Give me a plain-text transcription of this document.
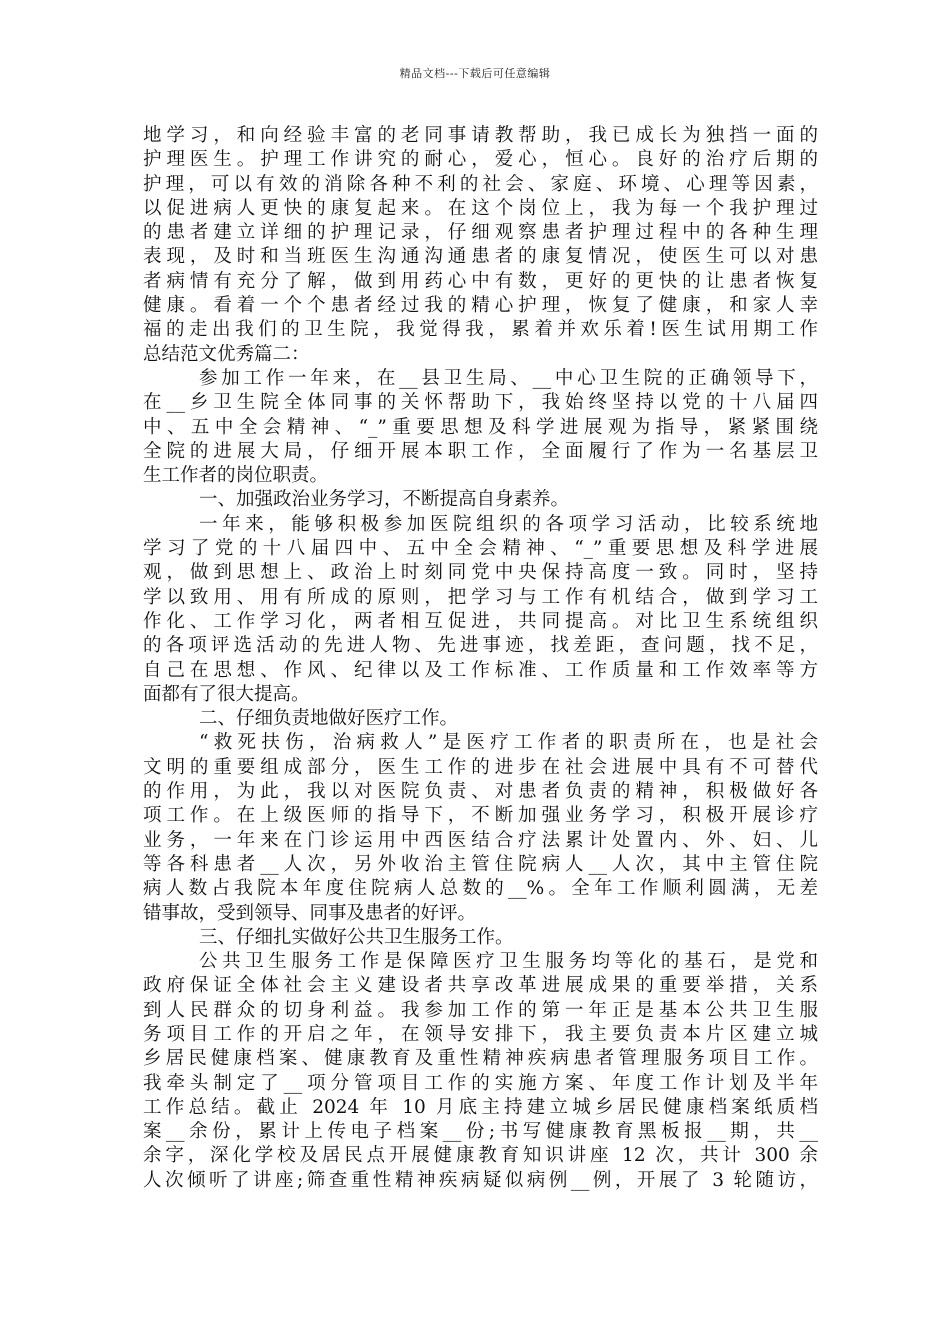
精品文档---下载后可任意编辑
地学习，和向经验丰富的老同事请教帮助，我已成长为独挡一面的
护理医生。护理工作讲究的耐心，爱心，恒心。良好的治疗后期的
护理，可以有效的消除各种不利的社会、家庭、环境、心理等因素，
以促进病人更快的康复起来。在这个岗位上，我为每一个我护理过
的患者建立详细的护理记录，仔细观察患者护理过程中的各种生理
表现，及时和当班医生沟通沟通患者的康复情况，使医生可以对患
者病情有充分了解，做到用药心中有数，更好的更快的让患者恢复
健康。看着一个个患者经过我的精心护理，恢复了健康，和家人幸
福的走出我们的卫生院，我觉得我，累着并欢乐着!医生试用期工作
总结范文优秀篇二：
参加工作一年来，在__县卫生局、__中心卫生院的正确领导下，
在__乡卫生院全体同事的关怀帮助下，我始终坚持以党的十八届四
中、五中全会精神、“_”重要思想及科学进展观为指导，紧紧围绕
全院的进展大局，仔细开展本职工作，全面履行了作为一名基层卫
生工作者的岗位职责。
一、加强政治业务学习，不断提高自身素养。
一年来，能够积极参加医院组织的各项学习活动，比较系统地
学习了党的十八届四中、五中全会精神、“_”重要思想及科学进展
观，做到思想上、政治上时刻同党中央保持高度一致。同时，坚持
学以致用、用有所成的原则，把学习与工作有机结合，做到学习工
作化、工作学习化，两者相互促进，共同提高。对比卫生系统组织
的各项评选活动的先进人物、先进事迹，找差距，查问题，找不足，
自己在思想、作风、纪律以及工作标准、工作质量和工作效率等方
面都有了很大提高。
二、仔细负责地做好医疗工作。
“救死扶伤，治病救人”是医疗工作者的职责所在，也是社会
文明的重要组成部分，医生工作的进步在社会进展中具有不可替代
的作用，为此，我以对医院负责、对患者负责的精神，积极做好各
项工作。在上级医师的指导下，不断加强业务学习，积极开展诊疗
业务，一年来在门诊运用中西医结合疗法累计处置内、外、妇、儿
等各科患者__人次，另外收治主管住院病人__人次，其中主管住院
病人数占我院本年度住院病人总数的__%。全年工作顺利圆满，无差
错事故，受到领导、同事及患者的好评。
三、仔细扎实做好公共卫生服务工作。
公共卫生服务工作是保障医疗卫生服务均等化的基石，是党和
政府保证全体社会主义建设者共享改革进展成果的重要举措，关系
到人民群众的切身利益。我参加工作的第一年正是基本公共卫生服
务项目工作的开启之年，在领导安排下，我主要负责本片区建立城
乡居民健康档案、健康教育及重性精神疾病患者管理服务项目工作。
我牵头制定了__项分管项目工作的实施方案、年度工作计划及半年
工作总结。截止 2024 年 10 月底主持建立城乡居民健康档案纸质档
案__余份，累计上传电子档案__份;书写健康教育黑板报__期，共__
余字，深化学校及居民点开展健康教育知识讲座 12 次，共计 300 余
人次倾听了讲座;筛查重性精神疾病疑似病例__例，开展了 3 轮随访，
